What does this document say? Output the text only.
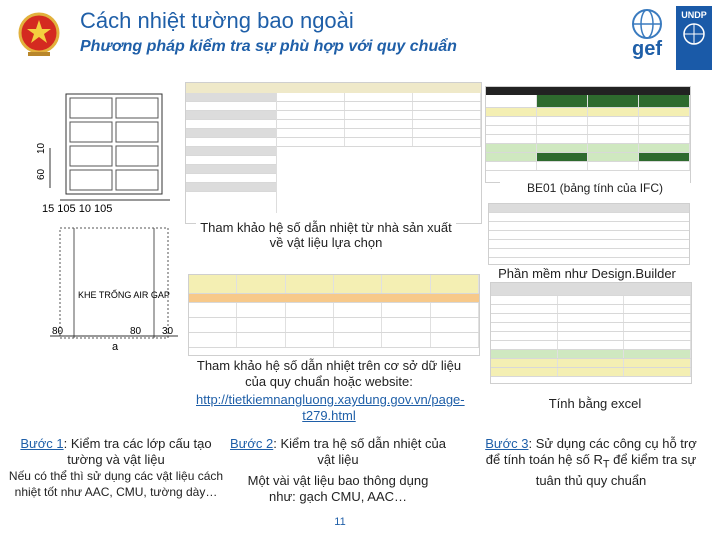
Cách nhiệt tường bao ngoài
Phương pháp kiểm tra sự phù hợp với quy chuẩn	gef
UNDP
60
10
15 105 10 105
KHE TRỐNG AIR GAP
80	80 30
a
BE01 (bảng tính của IFC)
Tham khảo hệ số dẫn nhiệt từ nhà sản xuất về vật liệu lựa chọn
Phần mềm như Design.Builder
Tham khảo hệ số dẫn nhiệt trên cơ sở dữ liệu của quy chuẩn hoặc website:
http://tietkiemnangluong.xaydung.gov.vn/page-t279.html
Tính bằng excel
Bước 1: Kiểm tra các lớp cấu tạo tường và vật liệu
Nếu có thể thì sử dụng các vật liệu cách nhiệt tốt như AAC, CMU, tường dày…
Bước 2: Kiểm tra hệ số dẫn nhiệt của vật liệu
Một vài vật liệu bao thông dụng như: gạch CMU, AAC…
Bước 3: Sử dụng các công cụ hỗ trợ để tính toán hệ số $R_T$ để kiểm tra sự tuân thủ quy chuẩn
11
